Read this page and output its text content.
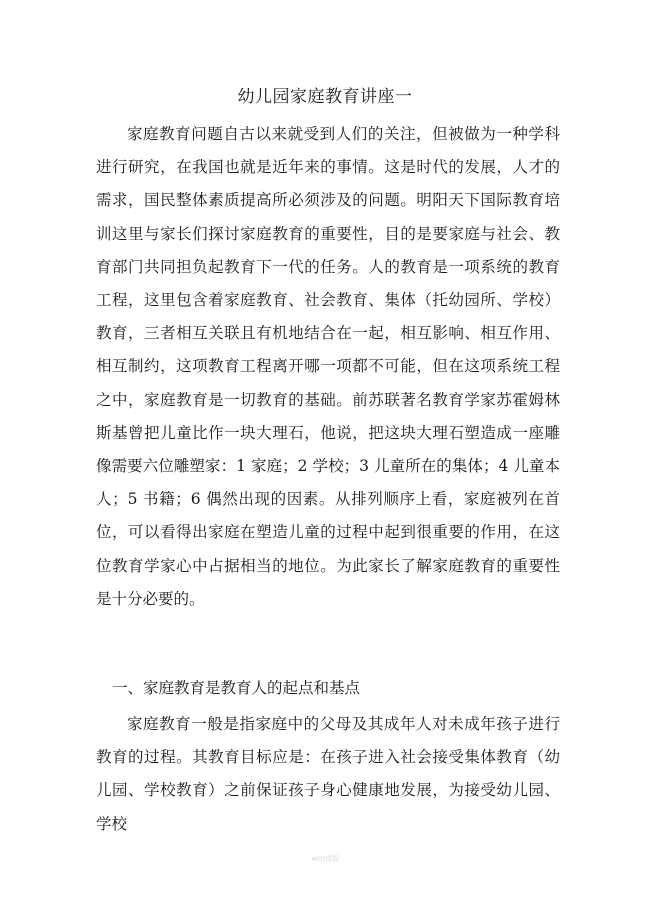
幼儿园家庭教育讲座一

家庭教育问题自古以来就受到人们的关注，但被做为一种学科进行研究，在我国也就是近年来的事情。这是时代的发展，人才的需求，国民整体素质提高所必须涉及的问题。明阳天下国际教育培训这里与家长们探讨家庭教育的重要性，目的是要家庭与社会、教育部门共同担负起教育下一代的任务。人的教育是一项系统的教育工程，这里包含着家庭教育、社会教育、集体（托幼园所、学校）教育，三者相互关联且有机地结合在一起，相互影响、相互作用、相互制约，这项教育工程离开哪一项都不可能，但在这项系统工程之中，家庭教育是一切教育的基础。前苏联著名教育学家苏霍姆林斯基曾把儿童比作一块大理石，他说，把这块大理石塑造成一座雕像需要六位雕塑家：1 家庭；2 学校；3 儿童所在的集体；4 儿童本人；5 书籍；6 偶然出现的因素。从排列顺序上看，家庭被列在首位，可以看得出家庭在塑造儿童的过程中起到很重要的作用，在这位教育学家心中占据相当的地位。为此家长了解家庭教育的重要性是十分必要的。

一、家庭教育是教育人的起点和基点

家庭教育一般是指家庭中的父母及其成年人对未成年孩子进行教育的过程。其教育目标应是：在孩子进入社会接受集体教育（幼儿园、学校教育）之前保证孩子身心健康地发展，为接受幼儿园、学校

word版
